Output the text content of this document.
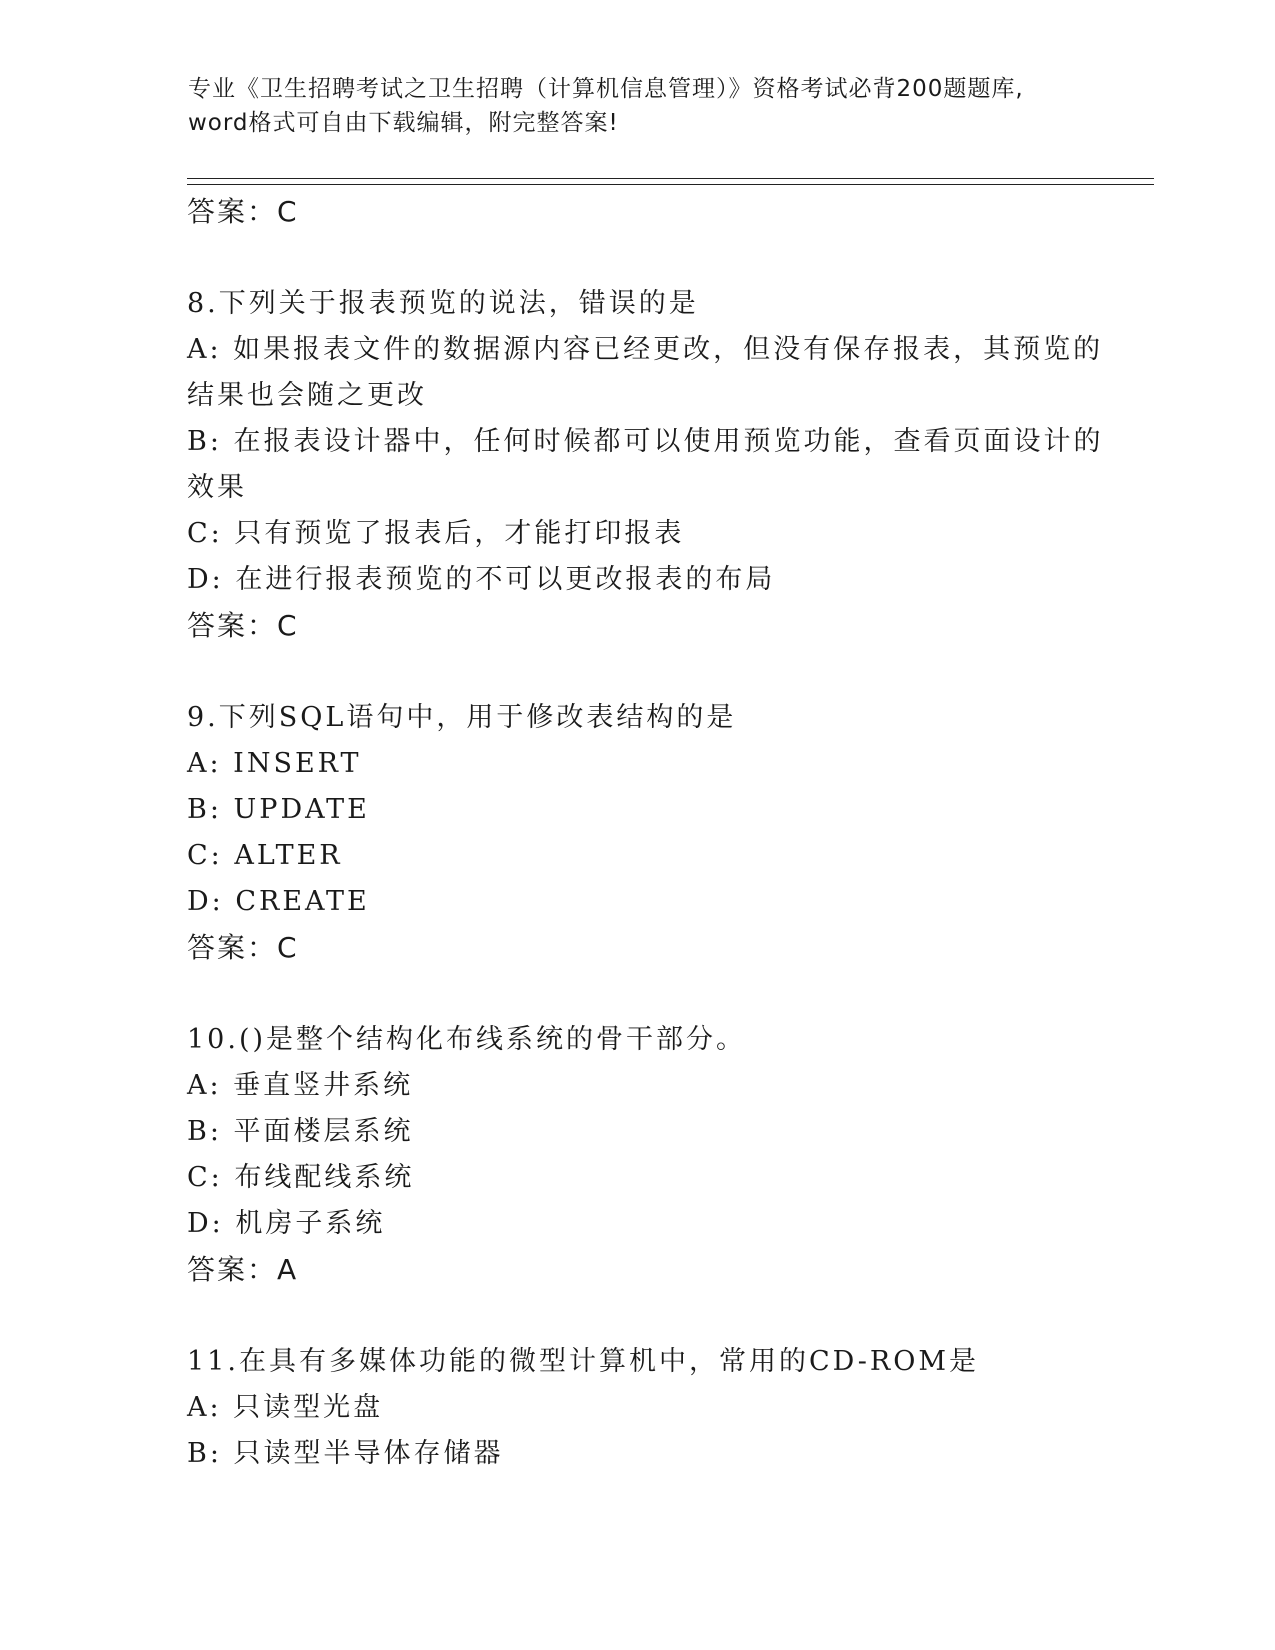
专业《卫生招聘考试之卫生招聘（计算机信息管理）》资格考试必背200题题库,
word格式可自由下载编辑，附完整答案!
答案：C
8.下列关于报表预览的说法，错误的是
A: 如果报表文件的数据源内容已经更改，但没有保存报表，其预览的
结果也会随之更改
B: 在报表设计器中，任何时候都可以使用预览功能，查看页面设计的
效果
C: 只有预览了报表后，才能打印报表
D: 在进行报表预览的不可以更改报表的布局
答案：C
9.下列SQL语句中，用于修改表结构的是
A: INSERT
B: UPDATE
C: ALTER
D: CREATE
答案：C
10.()是整个结构化布线系统的骨干部分。
A: 垂直竖井系统
B: 平面楼层系统
C: 布线配线系统
D: 机房子系统
答案：A
11.在具有多媒体功能的微型计算机中，常用的CD-ROM是
A: 只读型光盘
B: 只读型半导体存储器
